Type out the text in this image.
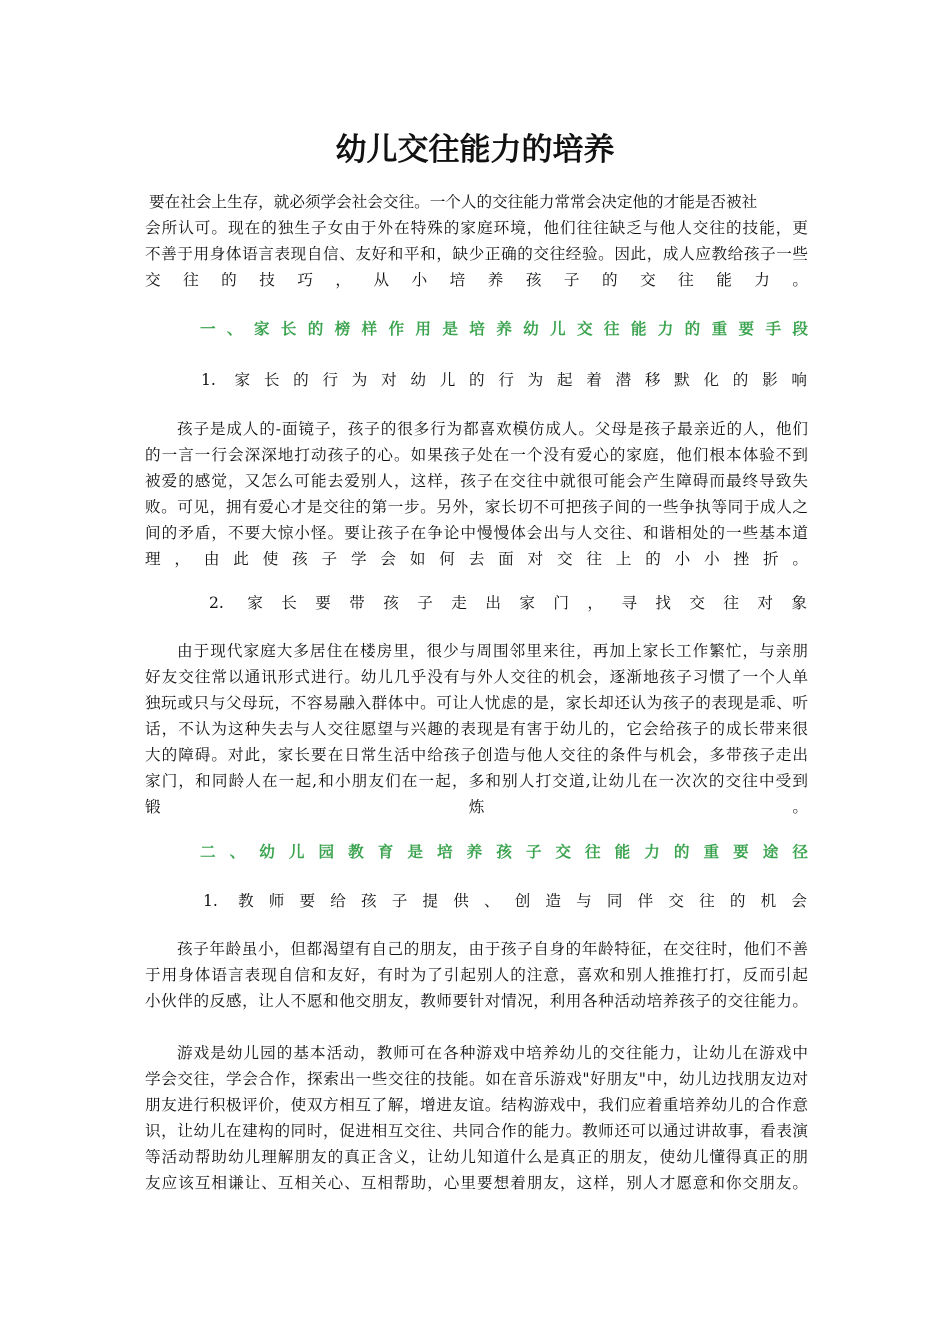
幼儿交往能力的培养
要在社会上生存，就必须学会社会交往。一个人的交往能力常常会决定他的才能是否被社
会所认可。现在的独生子女由于外在特殊的家庭环境，他们往往缺乏与他人交往的技能，更
不善于用身体语言表现自信、友好和平和，缺少正确的交往经验。因此，成人应教给孩子一些
交往的技巧，从小培养孩子的交往能力。
一、家长的榜样作用是培养幼儿交往能力的重要手段
1. 家长的行为对幼儿的行为起着潜移默化的影响
孩子是成人的-面镜子，孩子的很多行为都喜欢模仿成人。父母是孩子最亲近的人，他们
的一言一行会深深地打动孩子的心。如果孩子处在一个没有爱心的家庭，他们根本体验不到
被爱的感觉，又怎么可能去爱别人，这样，孩子在交往中就很可能会产生障碍而最终导致失
败。可见，拥有爱心才是交往的第一步。另外，家长切不可把孩子间的一些争执等同于成人之
间的矛盾，不要大惊小怪。要让孩子在争论中慢慢体会出与人交往、和谐相处的一些基本道
理，由此使孩子学会如何去面对交往上的小小挫折。
2. 家长要带孩子走出家门，寻找交往对象
由于现代家庭大多居住在楼房里，很少与周围邻里来往，再加上家长工作繁忙，与亲朋
好友交往常以通讯形式进行。幼儿几乎没有与外人交往的机会，逐渐地孩子习惯了一个人单
独玩或只与父母玩，不容易融入群体中。可让人忧虑的是，家长却还认为孩子的表现是乖、听
话，不认为这种失去与人交往愿望与兴趣的表现是有害于幼儿的，它会给孩子的成长带来很
大的障碍。对此，家长要在日常生活中给孩子创造与他人交往的条件与机会，多带孩子走出
家门，和同龄人在一起,和小朋友们在一起，多和别人打交道,让幼儿在一次次的交往中受到
锻炼。
二、幼儿园教育是培养孩子交往能力的重要途径
1. 教师要给孩子提供、创造与同伴交往的机会
孩子年龄虽小，但都渴望有自己的朋友，由于孩子自身的年龄特征，在交往时，他们不善
于用身体语言表现自信和友好，有时为了引起别人的注意，喜欢和别人推推打打，反而引起
小伙伴的反感，让人不愿和他交朋友，教师要针对情况，利用各种活动培养孩子的交往能力。
游戏是幼儿园的基本活动，教师可在各种游戏中培养幼儿的交往能力，让幼儿在游戏中
学会交往，学会合作，探索出一些交往的技能。如在音乐游戏"好朋友"中，幼儿边找朋友边对
朋友进行积极评价，使双方相互了解，增进友谊。结构游戏中，我们应着重培养幼儿的合作意
识，让幼儿在建构的同时，促进相互交往、共同合作的能力。教师还可以通过讲故事，看表演
等活动帮助幼儿理解朋友的真正含义，让幼儿知道什么是真正的朋友，使幼儿懂得真正的朋
友应该互相谦让、互相关心、互相帮助，心里要想着朋友，这样，别人才愿意和你交朋友。
